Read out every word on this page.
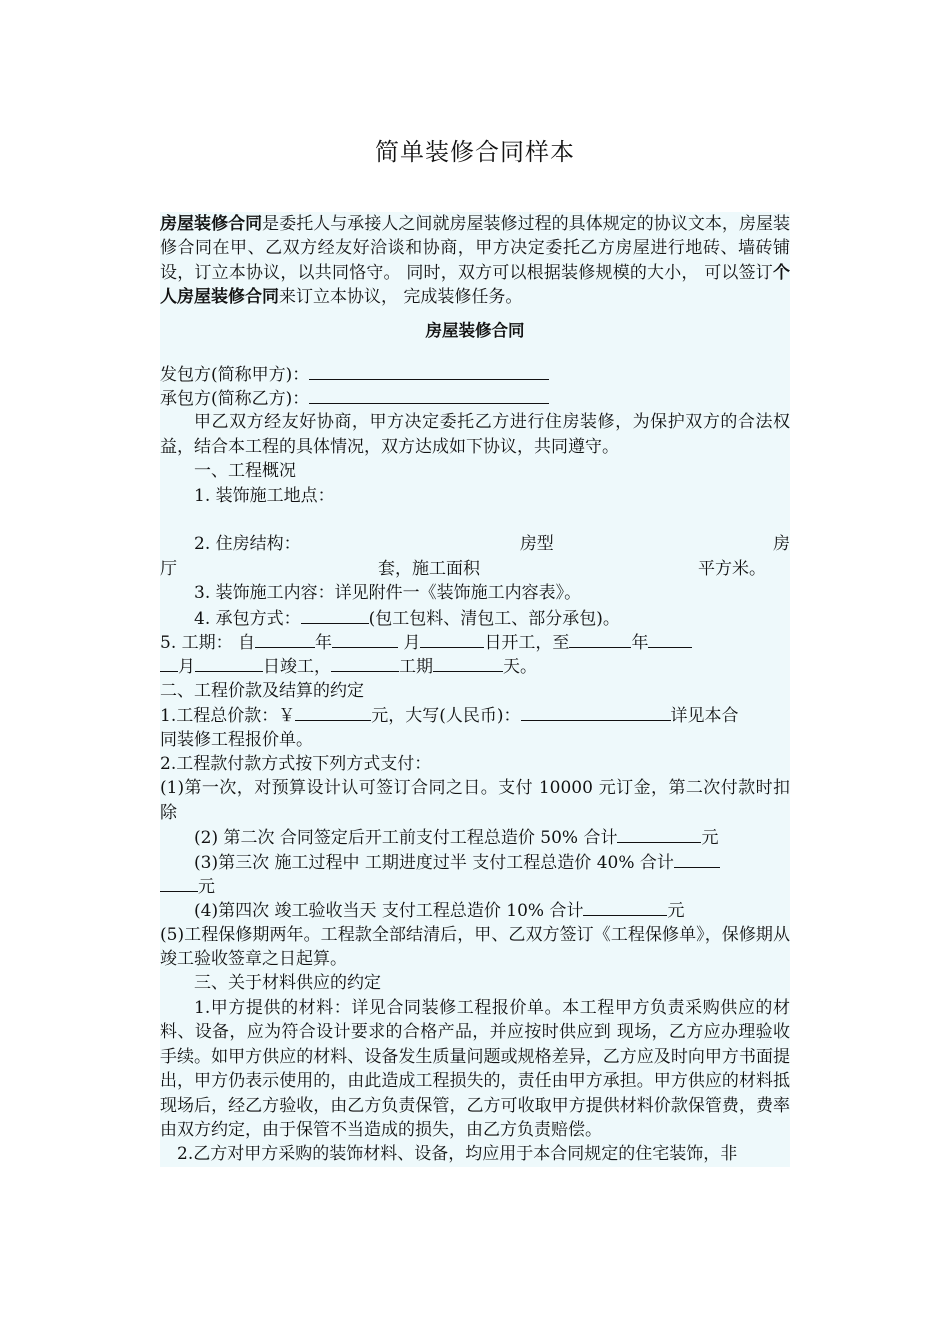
简单装修合同样本
房屋装修合同是委托人与承接人之间就房屋装修过程的具体规定的协议文本，房屋装修合同在甲、乙双方经友好洽谈和协商，甲方决定委托乙方房屋进行地砖、墙砖铺设，订立本协议，以共同恪守。 同时，双方可以根据装修规模的大小， 可以签订个人房屋装修合同来订立本协议， 完成装修任务。
房屋装修合同
发包方(简称甲方)：
承包方(简称乙方)：
甲乙双方经友好协商，甲方决定委托乙方进行住房装修，为保护双方的合法权益，结合本工程的具体情况，双方达成如下协议，共同遵守。
一、工程概况
1. 装饰施工地点：
2. 住房结构：	房型	房
厅	套，施工面积	平方米。
3. 装饰施工内容：详见附件一《装饰施工内容表》。
4. 承包方式：	(包工包料、清包工、部分承包)。
5. 工期： 自	年	月	日开工，至	年
月	日竣工，	工期	天。
二、工程价款及结算的约定
1.工程总价款：￥	元，大写(人民币)：	详见本合
同装修工程报价单。
2.工程款付款方式按下列方式支付：
(1)第一次，对预算设计认可签订合同之日。支付 10000 元订金，第二次付款时扣除
(2) 第二次 合同签定后开工前支付工程总造价 50% 合计	元
(3)第三次 施工过程中 工期进度过半 支付工程总造价 40% 合计
元
(4)第四次 竣工验收当天 支付工程总造价 10% 合计	元
(5)工程保修期两年。工程款全部结清后，甲、乙双方签订《工程保修单》，保修期从竣工验收签章之日起算。
三、关于材料供应的约定
1.甲方提供的材料：详见合同装修工程报价单。本工程甲方负责采购供应的材料、设备，应为符合设计要求的合格产品，并应按时供应到 现场，乙方应办理验收手续。如甲方供应的材料、设备发生质量问题或规格差异，乙方应及时向甲方书面提出，甲方仍表示使用的，由此造成工程损失的，责任由甲方承担。甲方供应的材料抵现场后，经乙方验收，由乙方负责保管，乙方可收取甲方提供材料价款保管费，费率由双方约定，由于保管不当造成的损失，由乙方负责赔偿。
2.乙方对甲方采购的装饰材料、设备，均应用于本合同规定的住宅装饰，非
